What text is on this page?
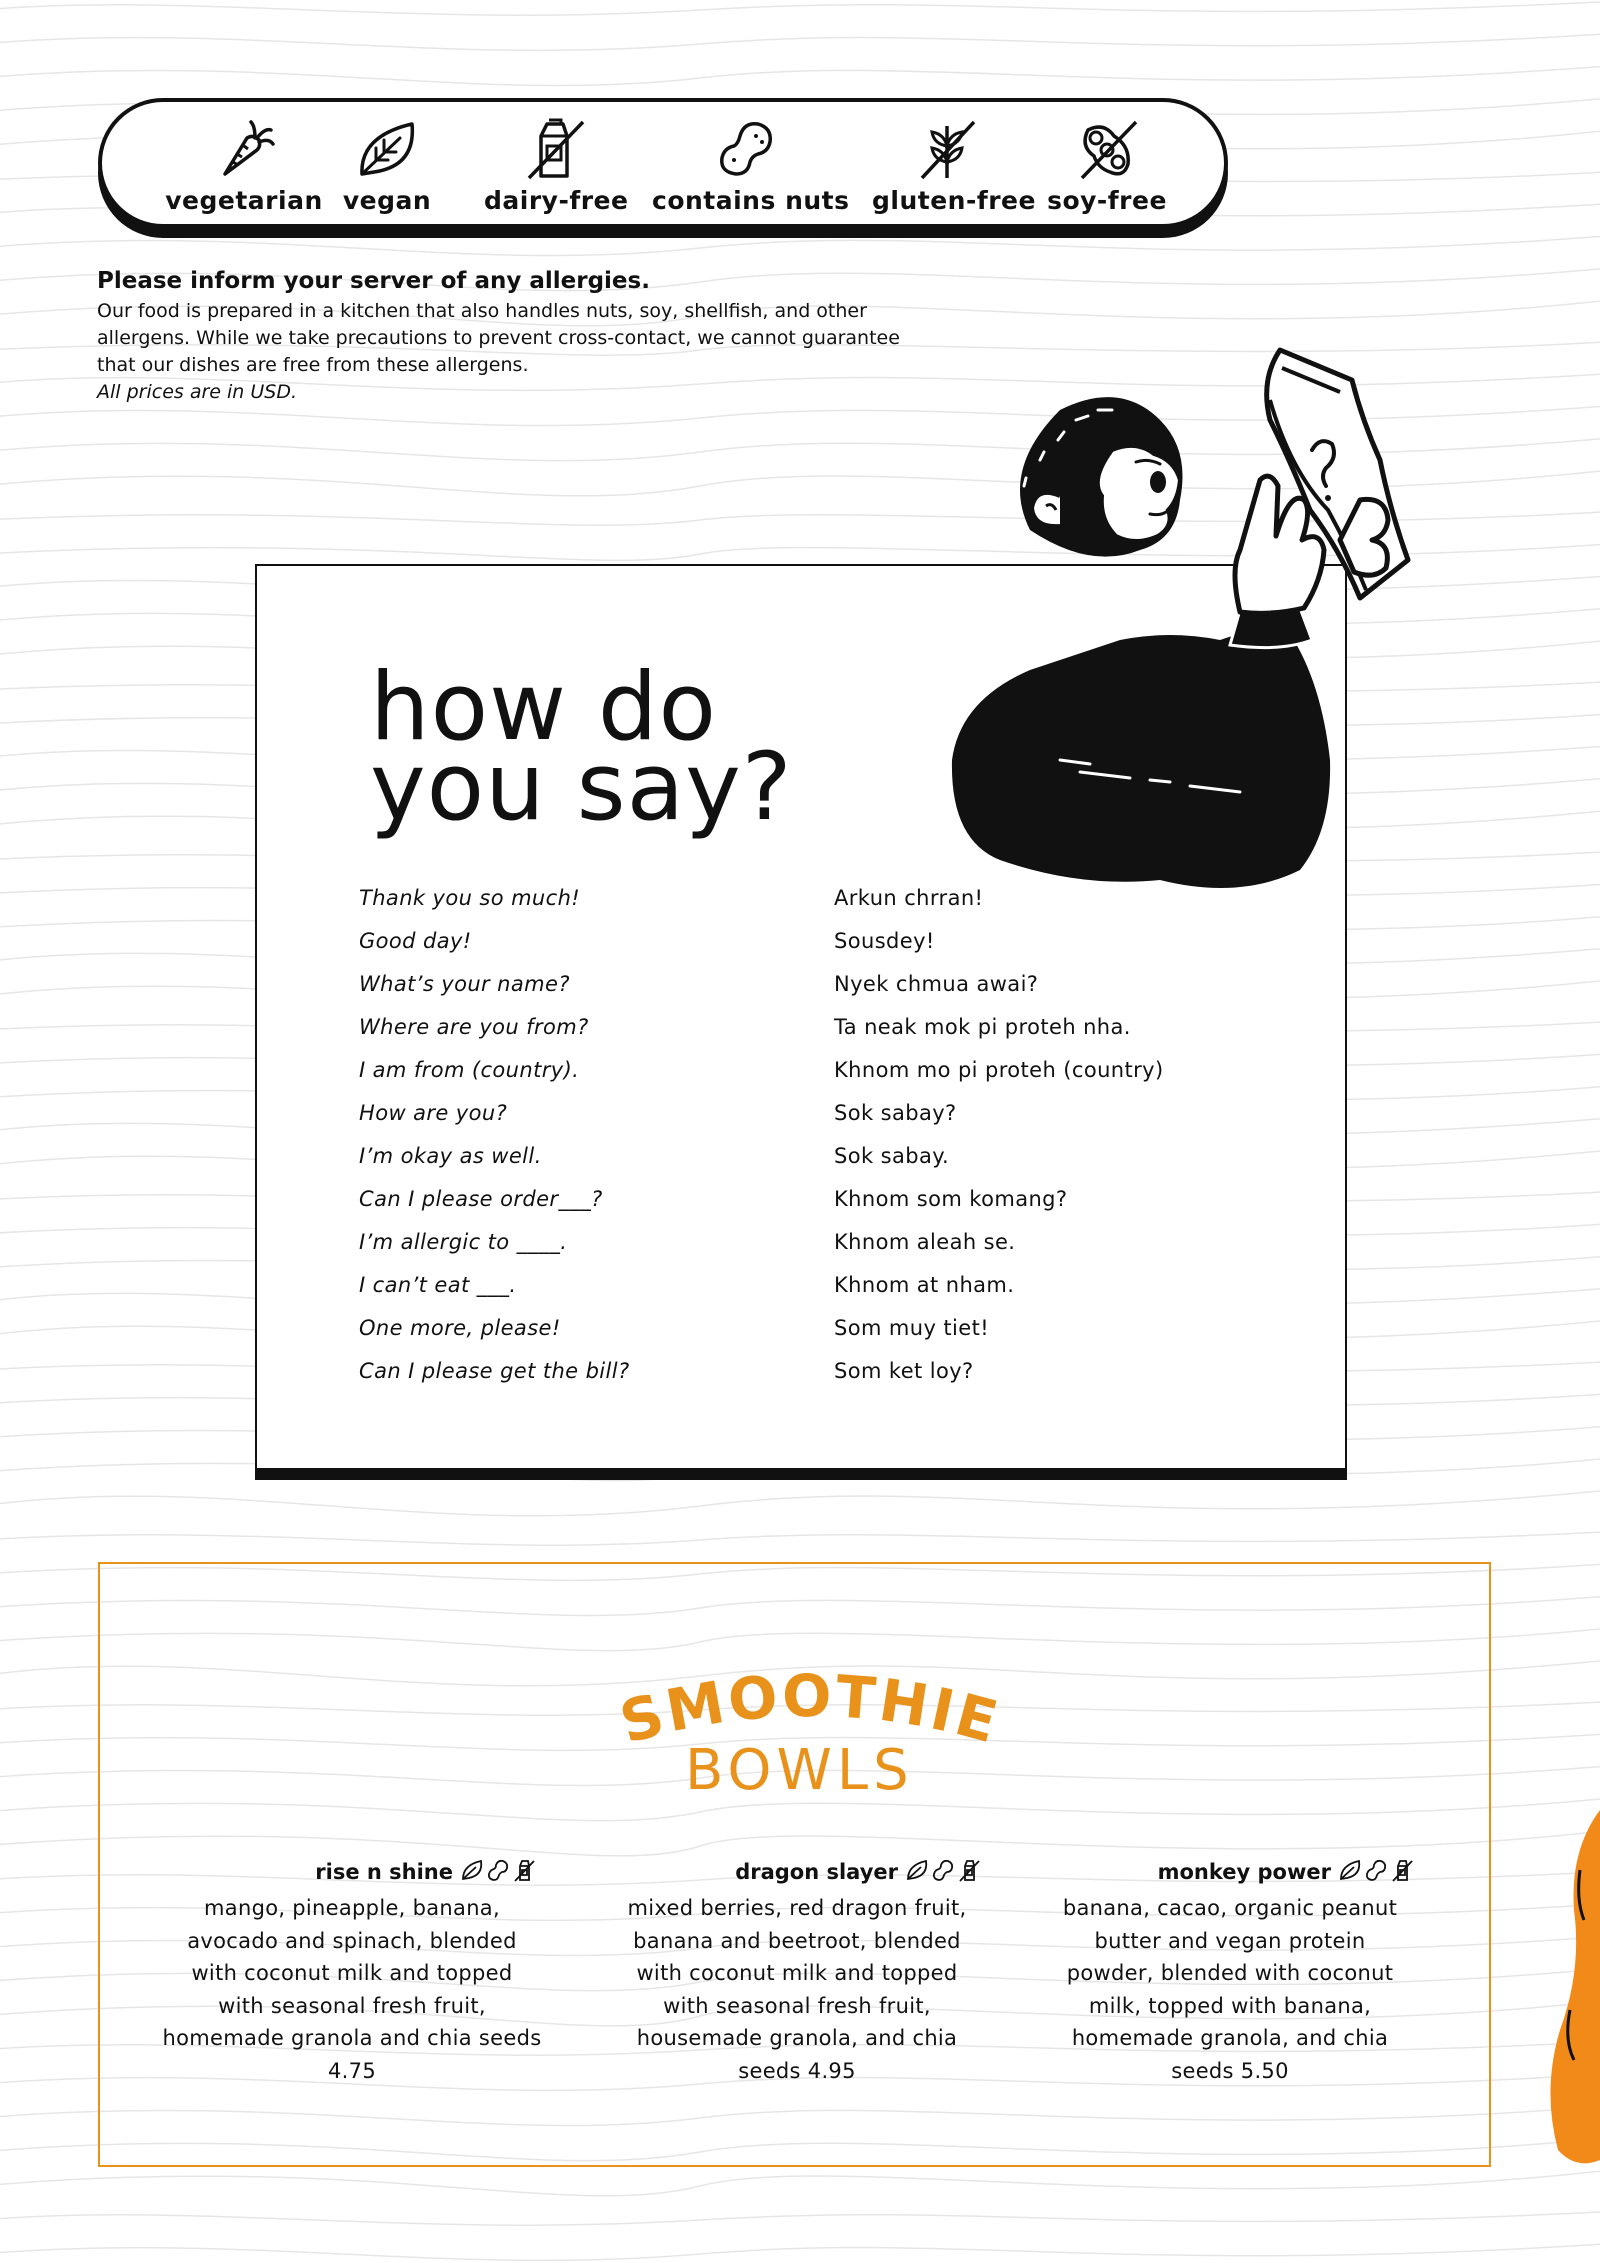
vegetarian vegan	dairy-free contains nuts gluten-free soy-free
Please inform your server of any allergies.
Our food is prepared in a kitchen that also handles nuts, soy, shellfish, and other allergens. While we take precautions to prevent cross-contact, we cannot guarantee that our dishes are free from these allergens.
All prices are in USD.
how do
you say?
Thank you so much!	Arkun chrran!
Good day!	Sousdey!
What’s your name?	Nyek chmua awai?
Where are you from?	Ta neak mok pi proteh nha.
I am from (country).	Khnom mo pi proteh (country)
How are you?	Sok sabay?
I’m okay as well.	Sok sabay.
Can I please order___?	Khnom som komang?
I’m allergic to ____.	Khnom aleah se.
I can’t eat ___.	Khnom at nham.
One more, please!	Som muy tiet!
Can I please get the bill?	Som ket loy?
SMOOTHIE
BOWLS
rise n shine
mango, pineapple, banana,
avocado and spinach, blended
with coconut milk and topped
with seasonal fresh fruit,
homemade granola and chia seeds
4.75
dragon slayer
mixed berries, red dragon fruit,
banana and beetroot, blended
with coconut milk and topped
with seasonal fresh fruit,
housemade granola, and chia
seeds 4.95
monkey power
banana, cacao, organic peanut
butter and vegan protein
powder, blended with coconut
milk, topped with banana,
homemade granola, and chia
seeds 5.50
